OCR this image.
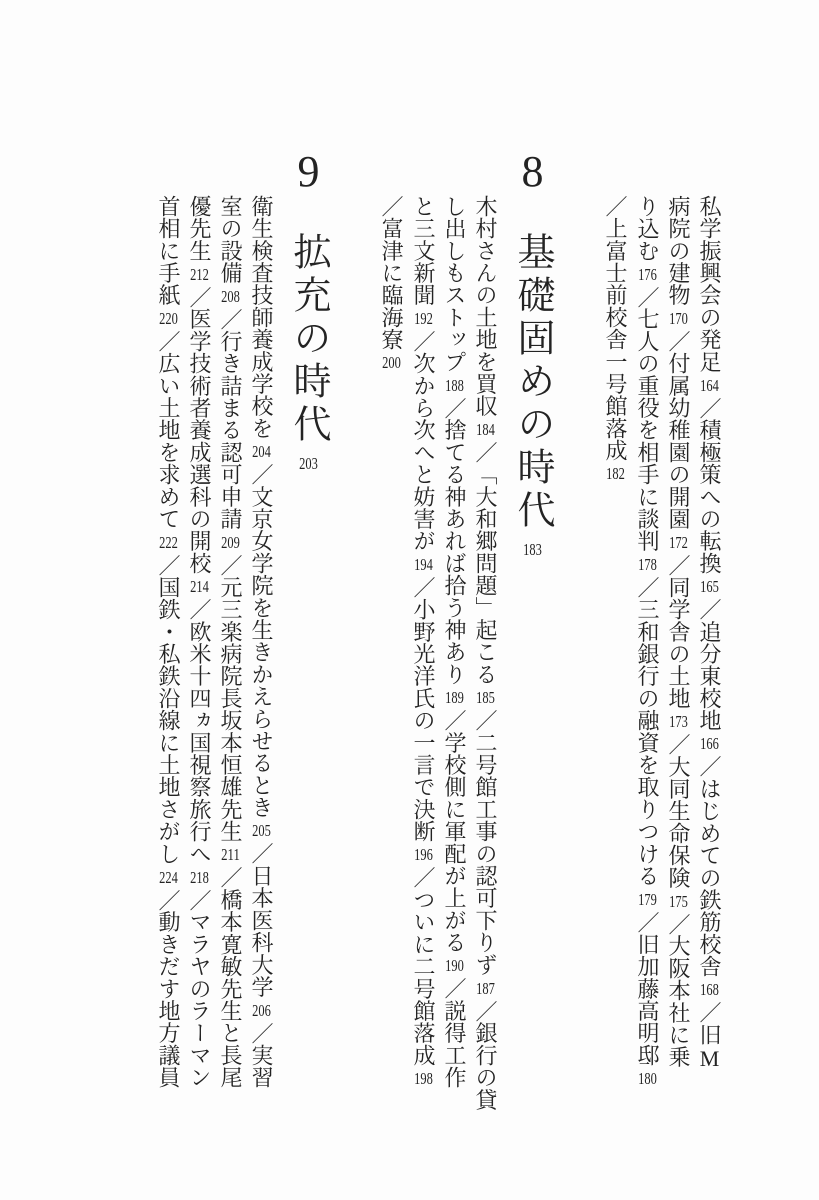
私学振興会の発足164／積極策への転換165／追分東校地166／はじめての鉄筋校舎168／旧M
病院の建物170／付属幼稚園の開園172／同学舎の土地173／大同生命保険175／大阪本社に乗
り込む176／七人の重役を相手に談判178／三和銀行の融資を取りつける179／旧加藤高明邸180
／上富士前校舎一号館落成182
8基礎固めの時代183
木村さんの土地を買収184／「大和郷問題」起こる185／二号館工事の認可下りず187／銀行の貸
し出しもストップ188／捨てる神あれば拾う神あり189／学校側に軍配が上がる190／説得工作
と三文新聞192／次から次へと妨害が194／小野光洋氏の一言で決断196／ついに二号館落成198
／富津に臨海寮200
9拡充の時代203
衛生検査技師養成学校を204／文京女学院を生きかえらせるとき205／日本医科大学206／実習
室の設備208／行き詰まる認可申請209／元三楽病院長坂本恒雄先生211／橋本寛敏先生と長尾
優先生212／医学技術者養成選科の開校214／欧米十四ヵ国視察旅行へ218／マラヤのラーマン
首相に手紙220／広い土地を求めて222／国鉄・私鉄沿線に土地さがし224／動きだす地方議員
